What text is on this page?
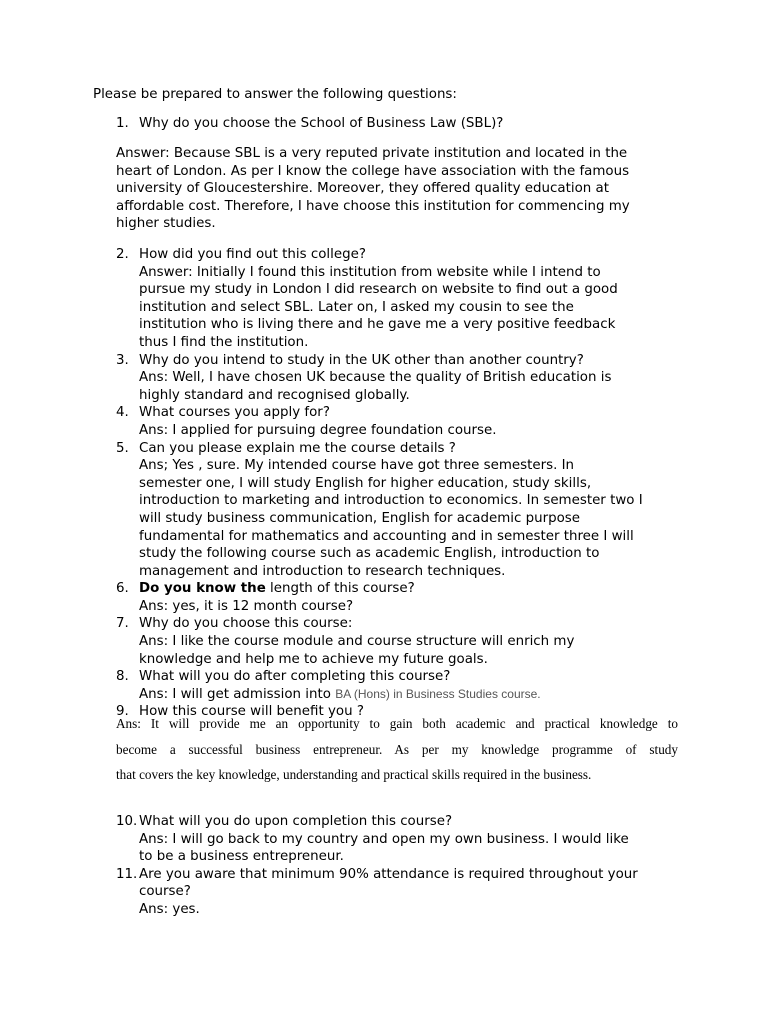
Please be prepared to answer the following questions:
1. Why do you choose the School of Business Law (SBL)?
Answer: Because SBL is a very reputed private institution and located in the
heart of London. As per I know the college have association with the famous
university of Gloucestershire. Moreover, they offered quality education at
affordable cost. Therefore, I have choose this institution for commencing my
higher studies.
2. How did you find out this college?
Answer: Initially I found this institution from website while I intend to
pursue my study in London I did research on website to find out a good
institution and select SBL. Later on, I asked my cousin to see the
institution who is living there and he gave me a very positive feedback
thus I find the institution.
3. Why do you intend to study in the UK other than another country?
Ans: Well, I have chosen UK because the quality of British education is
highly standard and recognised globally.
4. What courses you apply for?
Ans: I applied for pursuing degree foundation course.
5. Can you please explain me the course details ?
Ans; Yes , sure. My intended course have got three semesters. In
semester one, I will study English for higher education, study skills,
introduction to marketing and introduction to economics. In semester two I
will study business communication, English for academic purpose
fundamental for mathematics and accounting and in semester three I will
study the following course such as academic English, introduction to
management and introduction to research techniques.
6. Do you know the length of this course?
Ans: yes, it is 12 month course?
7. Why do you choose this course:
Ans: I like the course module and course structure will enrich my
knowledge and help me to achieve my future goals.
8. What will you do after completing this course?
Ans: I will get admission into BA (Hons) in Business Studies course.
9. How this course will benefit you ?
Ans: It will provide me an opportunity to gain both academic and practical knowledge to
become a successful business entrepreneur. As per my knowledge programme of study
that covers the key knowledge, understanding and practical skills required in the business.
10. What will you do upon completion this course?
Ans: I will go back to my country and open my own business. I would like
to be a business entrepreneur.
11. Are you aware that minimum 90% attendance is required throughout your
course?
Ans: yes.
